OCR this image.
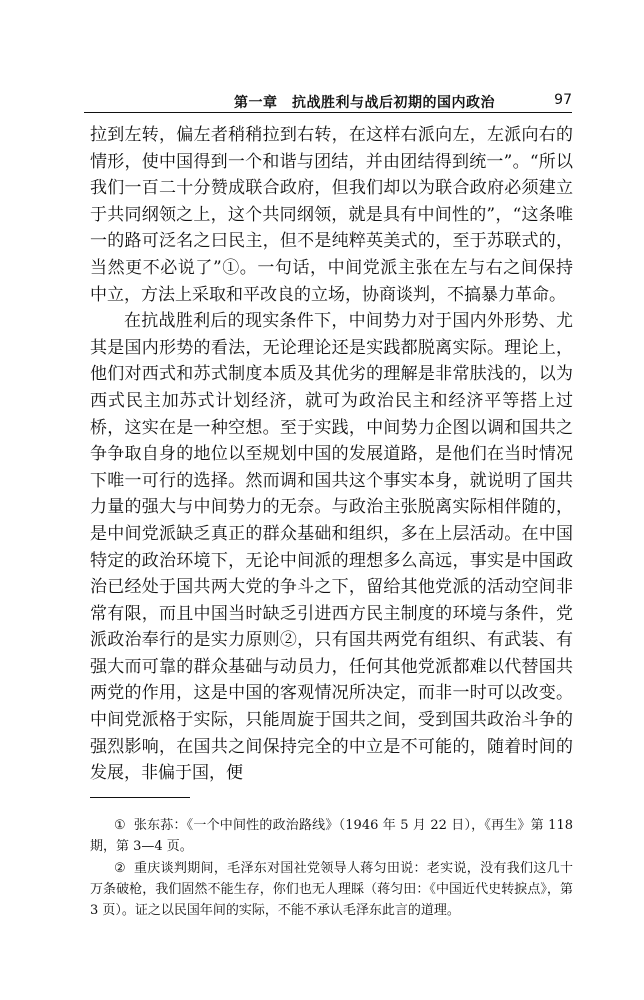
第一章　抗战胜利与战后初期的国内政治	97

拉到左转，偏左者稍稍拉到右转，在这样右派向左，左派向右的情形，使中国得到一个和谐与团结，并由团结得到统一”。“所以我们一百二十分赞成联合政府，但我们却以为联合政府必须建立于共同纲领之上，这个共同纲领，就是具有中间性的”，“这条唯一的路可泛名之曰民主，但不是纯粹英美式的，至于苏联式的，当然更不必说了”①。一句话，中间党派主张在左与右之间保持中立，方法上采取和平改良的立场，协商谈判，不搞暴力革命。

在抗战胜利后的现实条件下，中间势力对于国内外形势、尤其是国内形势的看法，无论理论还是实践都脱离实际。理论上，他们对西式和苏式制度本质及其优劣的理解是非常肤浅的，以为西式民主加苏式计划经济，就可为政治民主和经济平等搭上过桥，这实在是一种空想。至于实践，中间势力企图以调和国共之争争取自身的地位以至规划中国的发展道路，是他们在当时情况下唯一可行的选择。然而调和国共这个事实本身，就说明了国共力量的强大与中间势力的无奈。与政治主张脱离实际相伴随的，是中间党派缺乏真正的群众基础和组织，多在上层活动。在中国特定的政治环境下，无论中间派的理想多么高远，事实是中国政治已经处于国共两大党的争斗之下，留给其他党派的活动空间非常有限，而且中国当时缺乏引进西方民主制度的环境与条件，党派政治奉行的是实力原则②，只有国共两党有组织、有武装、有强大而可靠的群众基础与动员力，任何其他党派都难以代替国共两党的作用，这是中国的客观情况所决定，而非一时可以改变。中间党派格于实际，只能周旋于国共之间，受到国共政治斗争的强烈影响，在国共之间保持完全的中立是不可能的，随着时间的发展，非偏于国，便

① 张东荪：《一个中间性的政治路线》（1946 年 5 月 22 日），《再生》第 118 期，第 3—4 页。

② 重庆谈判期间，毛泽东对国社党领导人蒋匀田说：老实说，没有我们这几十万条破枪，我们固然不能生存，你们也无人理睬（蒋匀田：《中国近代史转捩点》，第 3 页）。证之以民国年间的实际，不能不承认毛泽东此言的道理。
